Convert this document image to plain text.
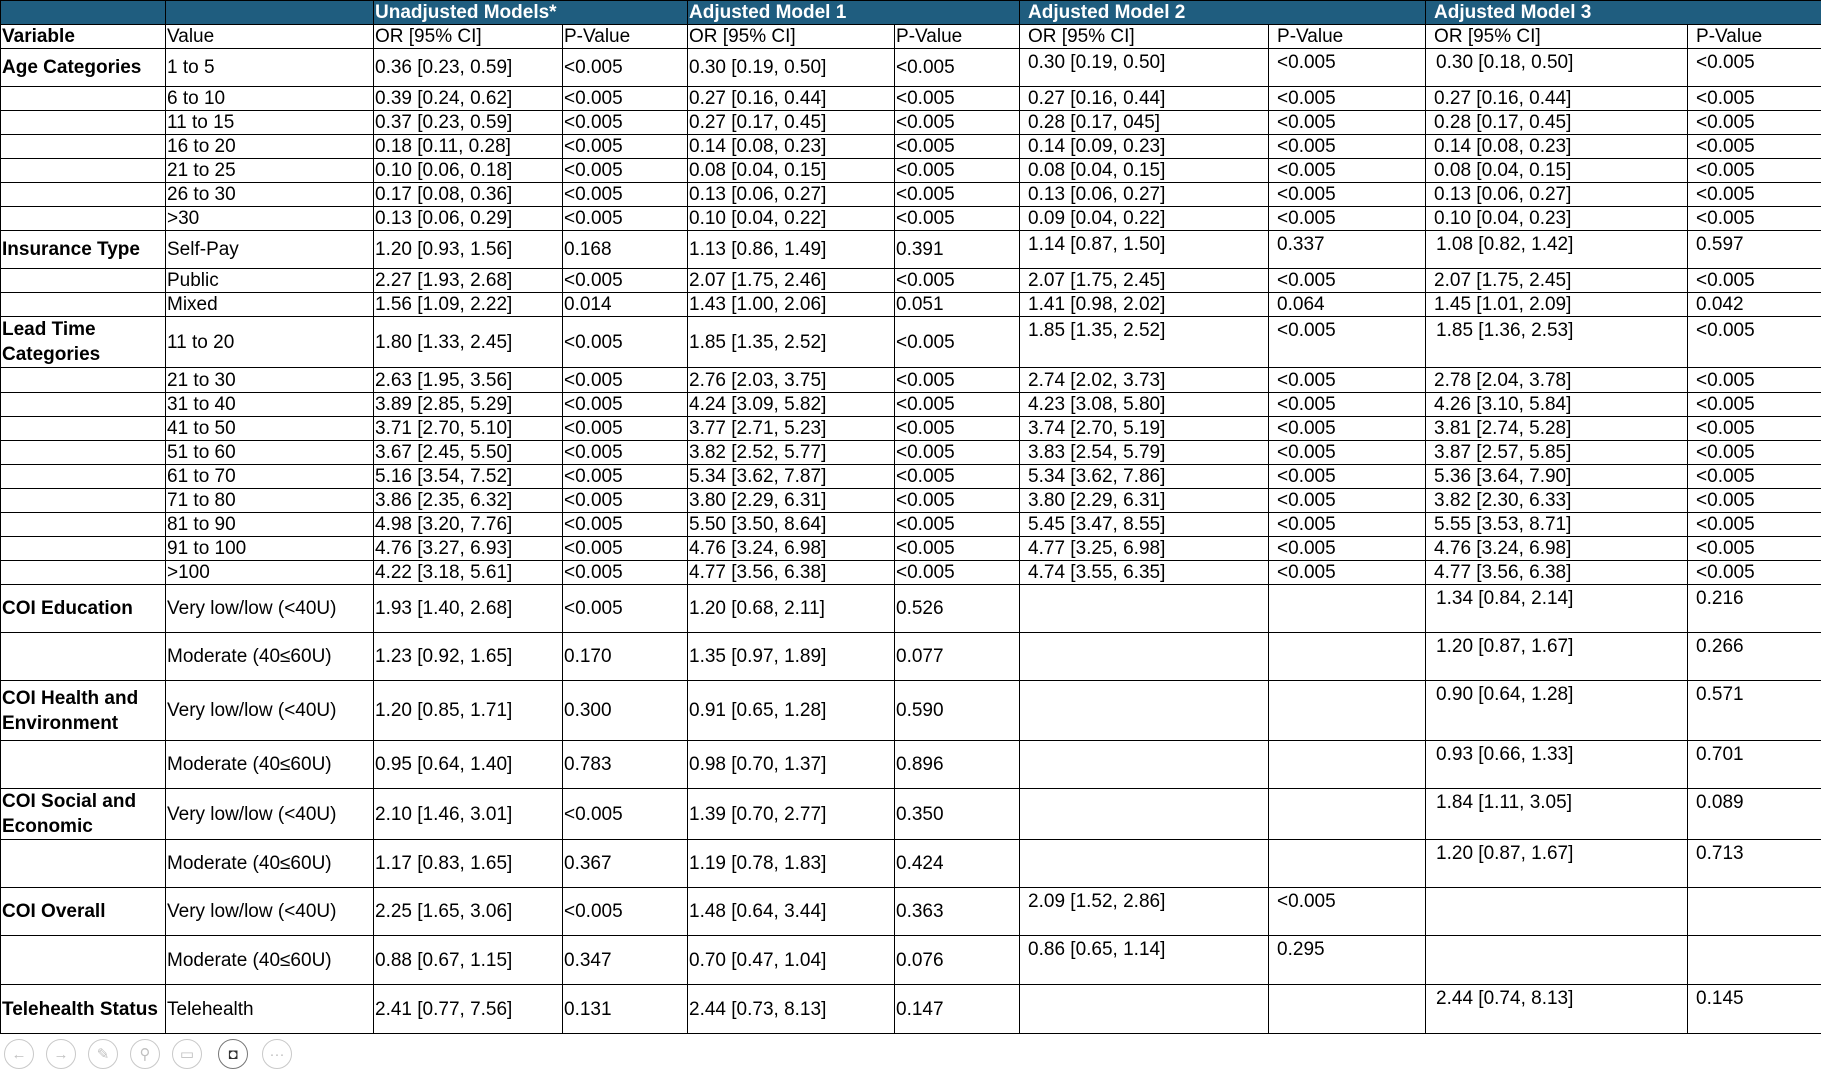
		Unadjusted Models*		Adjusted Model 1		Adjusted Model 2		Adjusted Model 3	
Variable	Value	OR [95% CI]	P-Value	OR [95% CI]	P-Value	OR [95% CI]	P-Value	OR [95% CI]	P-Value
Age Categories	1 to 5	0.36 [0.23, 0.59]	<0.005	0.30 [0.19, 0.50]	<0.005	0.30 [0.19, 0.50]	<0.005	0.30 [0.18, 0.50]	<0.005
	6 to 10	0.39 [0.24, 0.62]	<0.005	0.27 [0.16, 0.44]	<0.005	0.27 [0.16, 0.44]	<0.005	0.27 [0.16, 0.44]	<0.005
	11 to 15	0.37 [0.23, 0.59]	<0.005	0.27 [0.17, 0.45]	<0.005	0.28 [0.17, 045]	<0.005	0.28 [0.17, 0.45]	<0.005
	16 to 20	0.18 [0.11, 0.28]	<0.005	0.14 [0.08, 0.23]	<0.005	0.14 [0.09, 0.23]	<0.005	0.14 [0.08, 0.23]	<0.005
	21 to 25	0.10 [0.06, 0.18]	<0.005	0.08 [0.04, 0.15]	<0.005	0.08 [0.04, 0.15]	<0.005	0.08 [0.04, 0.15]	<0.005
	26 to 30	0.17 [0.08, 0.36]	<0.005	0.13 [0.06, 0.27]	<0.005	0.13 [0.06, 0.27]	<0.005	0.13 [0.06, 0.27]	<0.005
	>30	0.13 [0.06, 0.29]	<0.005	0.10 [0.04, 0.22]	<0.005	0.09 [0.04, 0.22]	<0.005	0.10 [0.04, 0.23]	<0.005
Insurance Type	Self-Pay	1.20 [0.93, 1.56]	0.168	1.13 [0.86, 1.49]	0.391	1.14 [0.87, 1.50]	0.337	1.08 [0.82, 1.42]	0.597
	Public	2.27 [1.93, 2.68]	<0.005	2.07 [1.75, 2.46]	<0.005	2.07 [1.75, 2.45]	<0.005	2.07 [1.75, 2.45]	<0.005
	Mixed	1.56 [1.09, 2.22]	0.014	1.43 [1.00, 2.06]	0.051	1.41 [0.98, 2.02]	0.064	1.45 [1.01, 2.09]	0.042
Lead Time Categories	11 to 20	1.80 [1.33, 2.45]	<0.005	1.85 [1.35, 2.52]	<0.005	1.85 [1.35, 2.52]	<0.005	1.85 [1.36, 2.53]	<0.005
	21 to 30	2.63 [1.95, 3.56]	<0.005	2.76 [2.03, 3.75]	<0.005	2.74 [2.02, 3.73]	<0.005	2.78 [2.04, 3.78]	<0.005
	31 to 40	3.89 [2.85, 5.29]	<0.005	4.24 [3.09, 5.82]	<0.005	4.23 [3.08, 5.80]	<0.005	4.26 [3.10, 5.84]	<0.005
	41 to 50	3.71 [2.70, 5.10]	<0.005	3.77 [2.71, 5.23]	<0.005	3.74 [2.70, 5.19]	<0.005	3.81 [2.74, 5.28]	<0.005
	51 to 60	3.67 [2.45, 5.50]	<0.005	3.82 [2.52, 5.77]	<0.005	3.83 [2.54, 5.79]	<0.005	3.87 [2.57, 5.85]	<0.005
	61 to 70	5.16 [3.54, 7.52]	<0.005	5.34 [3.62, 7.87]	<0.005	5.34 [3.62, 7.86]	<0.005	5.36 [3.64, 7.90]	<0.005
	71 to 80	3.86 [2.35, 6.32]	<0.005	3.80 [2.29, 6.31]	<0.005	3.80 [2.29, 6.31]	<0.005	3.82 [2.30, 6.33]	<0.005
	81 to 90	4.98 [3.20, 7.76]	<0.005	5.50 [3.50, 8.64]	<0.005	5.45 [3.47, 8.55]	<0.005	5.55 [3.53, 8.71]	<0.005
	91 to 100	4.76 [3.27, 6.93]	<0.005	4.76 [3.24, 6.98]	<0.005	4.77 [3.25, 6.98]	<0.005	4.76 [3.24, 6.98]	<0.005
	>100	4.22 [3.18, 5.61]	<0.005	4.77 [3.56, 6.38]	<0.005	4.74 [3.55, 6.35]	<0.005	4.77 [3.56, 6.38]	<0.005
COI Education	Very low/low (<40U)	1.93 [1.40, 2.68]	<0.005	1.20 [0.68, 2.11]	0.526			1.34 [0.84, 2.14]	0.216
	Moderate (40≤60U)	1.23 [0.92, 1.65]	0.170	1.35 [0.97, 1.89]	0.077			1.20 [0.87, 1.67]	0.266
COI Health and Environment	Very low/low (<40U)	1.20 [0.85, 1.71]	0.300	0.91 [0.65, 1.28]	0.590			0.90 [0.64, 1.28]	0.571
	Moderate (40≤60U)	0.95 [0.64, 1.40]	0.783	0.98 [0.70, 1.37]	0.896			0.93 [0.66, 1.33]	0.701
COI Social and Economic	Very low/low (<40U)	2.10 [1.46, 3.01]	<0.005	1.39 [0.70, 2.77]	0.350			1.84 [1.11, 3.05]	0.089
	Moderate (40≤60U)	1.17 [0.83, 1.65]	0.367	1.19 [0.78, 1.83]	0.424			1.20 [0.87, 1.67]	0.713
COI Overall	Very low/low (<40U)	2.25 [1.65, 3.06]	<0.005	1.48 [0.64, 3.44]	0.363	2.09 [1.52, 2.86]	<0.005		
	Moderate (40≤60U)	0.88 [0.67, 1.15]	0.347	0.70 [0.47, 1.04]	0.076	0.86 [0.65, 1.14]	0.295		
Telehealth Status	Telehealth	2.41 [0.77, 7.56]	0.131	2.44 [0.73, 8.13]	0.147			2.44 [0.74, 8.13]	0.145
←	→	✎	⚲	▭	◘	···
